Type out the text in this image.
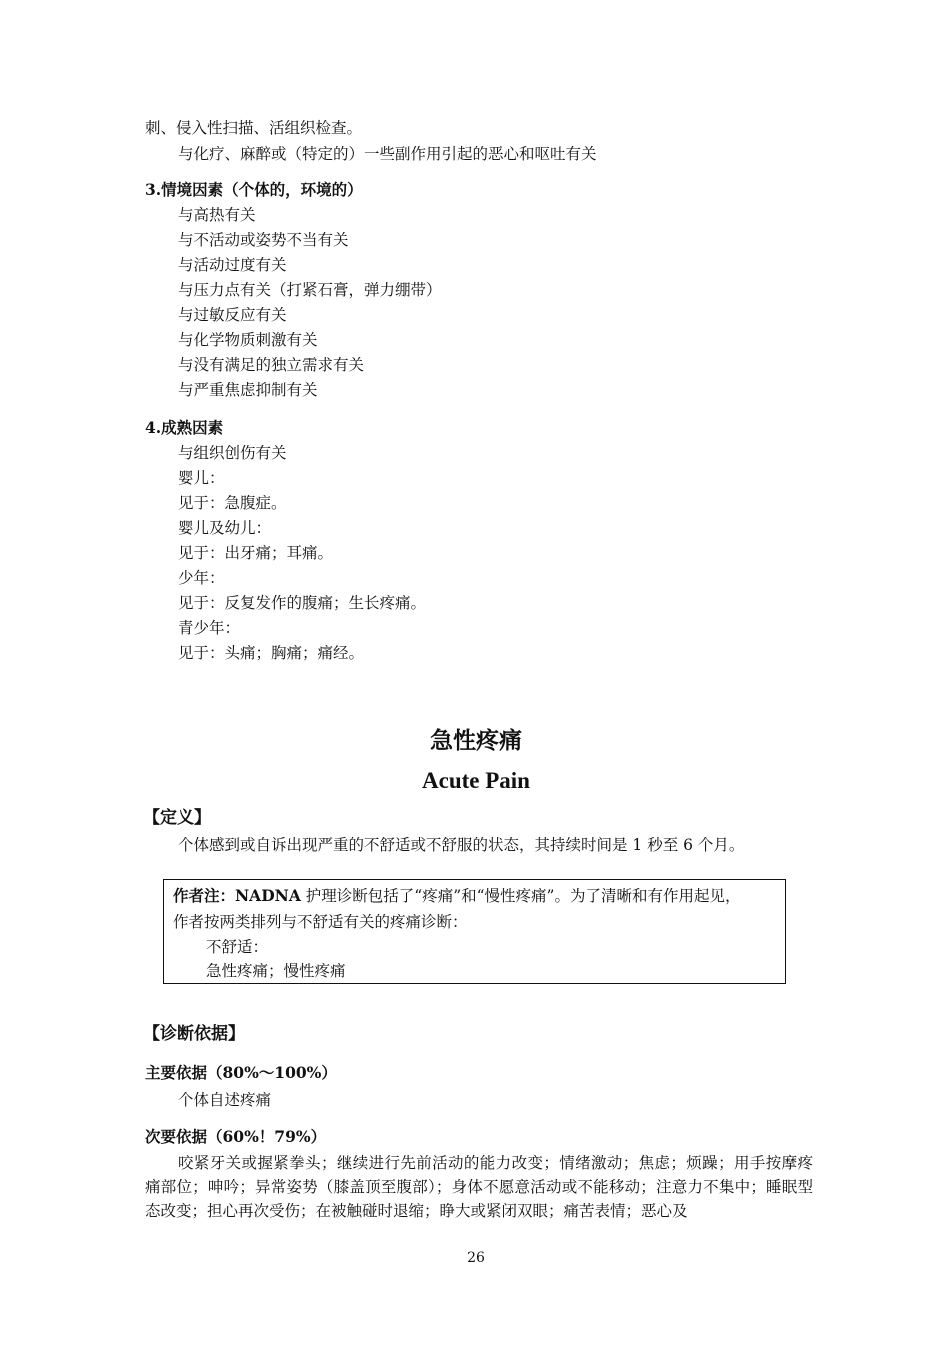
刺、侵入性扫描、活组织检查。
与化疗、麻醉或（特定的）一些副作用引起的恶心和呕吐有关
3.情境因素（个体的，环境的）
与高热有关
与不活动或姿势不当有关
与活动过度有关
与压力点有关（打紧石膏，弹力绷带）
与过敏反应有关
与化学物质刺激有关
与没有满足的独立需求有关
与严重焦虑抑制有关
4.成熟因素
与组织创伤有关
婴儿：
见于：急腹症。
婴儿及幼儿：
见于：出牙痛；耳痛。
少年：
见于：反复发作的腹痛；生长疼痛。
青少年：
见于：头痛；胸痛；痛经。
急性疼痛
Acute Pain
【定义】
个体感到或自诉出现严重的不舒适或不舒服的状态，其持续时间是 1 秒至 6 个月。
作者注：NADNA 护理诊断包括了“疼痛”和“慢性疼痛”。为了清晰和有作用起见，
作者按两类排列与不舒适有关的疼痛诊断：
不舒适：
急性疼痛；慢性疼痛
【诊断依据】
主要依据（80%～100%）
个体自述疼痛
次要依据（60%！79%）
咬紧牙关或握紧拳头；继续进行先前活动的能力改变；情绪激动；焦虑；烦躁；用手按摩疼痛部位；呻吟；异常姿势（膝盖顶至腹部）；身体不愿意活动或不能移动；注意力不集中；睡眠型态改变；担心再次受伤；在被触碰时退缩；睁大或紧闭双眼；痛苦表情；恶心及
26
